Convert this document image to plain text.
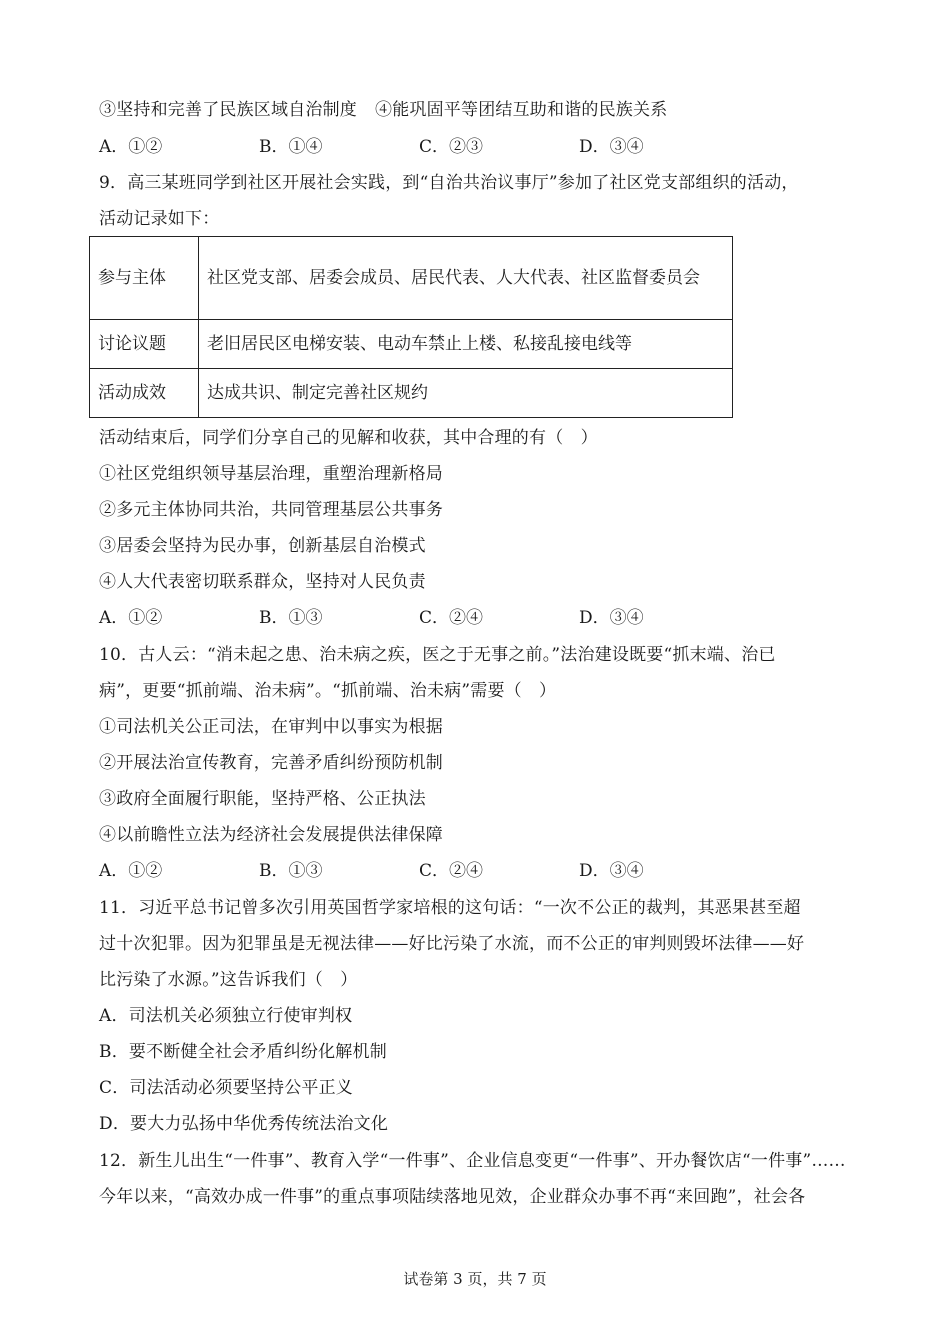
③坚持和完善了民族区域自治制度 ④能巩固平等团结互助和谐的民族关系
A．①②	B．①④	C．②③	D．③④
9．高三某班同学到社区开展社会实践，到“自治共治议事厅”参加了社区党支部组织的活动，
活动记录如下：
参与主体	社区党支部、居委会成员、居民代表、人大代表、社区监督委员会
讨论议题	老旧居民区电梯安装、电动车禁止上楼、私接乱接电线等
活动成效	达成共识、制定完善社区规约
活动结束后，同学们分享自己的见解和收获，其中合理的有（　）
①社区党组织领导基层治理，重塑治理新格局
②多元主体协同共治，共同管理基层公共事务
③居委会坚持为民办事，创新基层自治模式
④人大代表密切联系群众，坚持对人民负责
A．①②	B．①③	C．②④	D．③④
10．古人云：“消未起之患、治未病之疾，医之于无事之前。”法治建设既要“抓末端、治已
病”，更要“抓前端、治未病”。“抓前端、治未病”需要（　）
①司法机关公正司法，在审判中以事实为根据
②开展法治宣传教育，完善矛盾纠纷预防机制
③政府全面履行职能，坚持严格、公正执法
④以前瞻性立法为经济社会发展提供法律保障
A．①②	B．①③	C．②④	D．③④
11．习近平总书记曾多次引用英国哲学家培根的这句话：“一次不公正的裁判，其恶果甚至超
过十次犯罪。因为犯罪虽是无视法律——好比污染了水流，而不公正的审判则毁坏法律——好
比污染了水源。”这告诉我们（　）
A．司法机关必须独立行使审判权
B．要不断健全社会矛盾纠纷化解机制
C．司法活动必须要坚持公平正义
D．要大力弘扬中华优秀传统法治文化
12．新生儿出生“一件事”、教育入学“一件事”、企业信息变更“一件事”、开办餐饮店“一件事”……
今年以来，“高效办成一件事”的重点事项陆续落地见效，企业群众办事不再“来回跑”，社会各
试卷第 3 页，共 7 页
